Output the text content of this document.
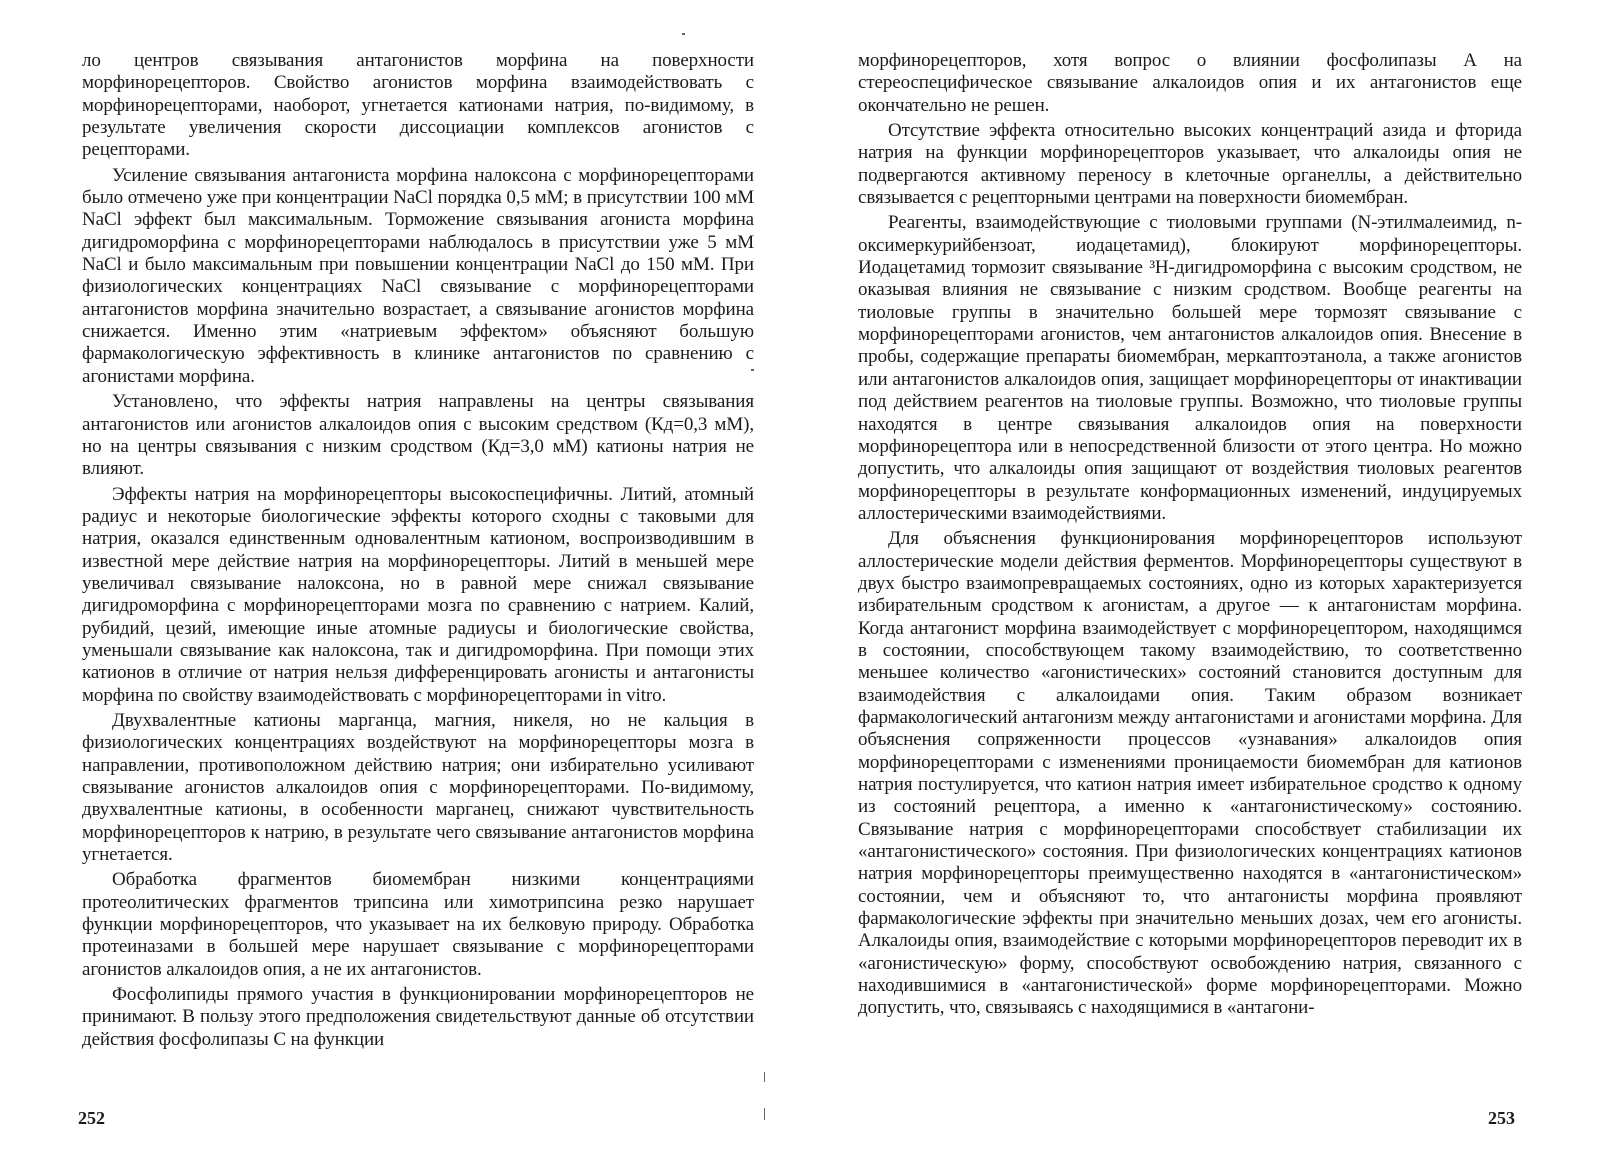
ло центров связывания антагонистов морфина на поверхности морфинорецепторов. Свойство агонистов морфина взаимодействовать с морфинорецепторами, наоборот, угнетается катионами натрия, по-видимому, в результате увеличения скорости диссоциации комплексов агонистов с рецепторами.

Усиление связывания антагониста морфина налоксона с морфинорецепторами было отмечено уже при концентрации NaCl порядка 0,5 мМ; в присутствии 100 мМ NaCl эффект был максимальным. Торможение связывания агониста морфина дигидроморфина с морфинорецепторами наблюдалось в присутствии уже 5 мМ NaCl и было максимальным при повышении концентрации NaCl до 150 мМ. При физиологических концентрациях NaCl связывание с морфинорецепторами антагонистов морфина значительно возрастает, а связывание агонистов морфина снижается. Именно этим «натриевым эффектом» объясняют большую фармакологическую эффективность в клинике антагонистов по сравнению с агонистами морфина.

Установлено, что эффекты натрия направлены на центры связывания антагонистов или агонистов алкалоидов опия с высоким средством (Кд=0,3 мМ), но на центры связывания с низким сродством (Кд=3,0 мМ) катионы натрия не влияют.

Эффекты натрия на морфинорецепторы высокоспецифичны. Литий, атомный радиус и некоторые биологические эффекты которого сходны с таковыми для натрия, оказался единственным одновалентным катионом, воспроизводившим в известной мере действие натрия на морфинорецепторы. Литий в меньшей мере увеличивал связывание налоксона, но в равной мере снижал связывание дигидроморфина с морфинорецепторами мозга по сравнению с натрием. Калий, рубидий, цезий, имеющие иные атомные радиусы и биологические свойства, уменьшали связывание как налоксона, так и дигидроморфина. При помощи этих катионов в отличие от натрия нельзя дифференцировать агонисты и антагонисты морфина по свойству взаимодействовать с морфинорецепторами in vitro.

Двухвалентные катионы марганца, магния, никеля, но не кальция в физиологических концентрациях воздействуют на морфинорецепторы мозга в направлении, противоположном действию натрия; они избирательно усиливают связывание агонистов алкалоидов опия с морфинорецепторами. По-видимому, двухвалентные катионы, в особенности марганец, снижают чувствительность морфинорецепторов к натрию, в результате чего связывание антагонистов морфина угнетается.

Обработка фрагментов биомембран низкими концентрациями протеолитических фрагментов трипсина или химотрипсина резко нарушает функции морфинорецепторов, что указывает на их белковую природу. Обработка протеиназами в большей мере нарушает связывание с морфинорецепторами агонистов алкалоидов опия, а не их антагонистов.

Фосфолипиды прямого участия в функционировании морфинорецепторов не принимают. В пользу этого предположения свидетельствуют данные об отсутствии действия фосфолипазы С на функции

252

морфинорецепторов, хотя вопрос о влиянии фосфолипазы А на стереоспецифическое связывание алкалоидов опия и их антагонистов еще окончательно не решен.

Отсутствие эффекта относительно высоких концентраций азида и фторида натрия на функции морфинорецепторов указывает, что алкалоиды опия не подвергаются активному переносу в клеточные органеллы, а действительно связывается с рецепторными центрами на поверхности биомембран.

Реагенты, взаимодействующие с тиоловыми группами (N-этилмалеимид, n-оксимеркурийбензоат, иодацетамид), блокируют морфинорецепторы. Иодацетамид тормозит связывание ³Н-дигидроморфина с высоким сродством, не оказывая влияния не связывание с низким сродством. Вообще реагенты на тиоловые группы в значительно большей мере тормозят связывание с морфинорецепторами агонистов, чем антагонистов алкалоидов опия. Внесение в пробы, содержащие препараты биомембран, меркаптоэтанола, а также агонистов или антагонистов алкалоидов опия, защищает морфинорецепторы от инактивации под действием реагентов на тиоловые группы. Возможно, что тиоловые группы находятся в центре связывания алкалоидов опия на поверхности морфинорецептора или в непосредственной близости от этого центра. Но можно допустить, что алкалоиды опия защищают от воздействия тиоловых реагентов морфинорецепторы в результате конформационных изменений, индуцируемых аллостерическими взаимодействиями.

Для объяснения функционирования морфинорецепторов используют аллостерические модели действия ферментов. Морфинорецепторы существуют в двух быстро взаимопревращаемых состояниях, одно из которых характеризуется избирательным сродством к агонистам, а другое — к антагонистам морфина. Когда антагонист морфина взаимодействует с морфинорецептором, находящимся в состоянии, способствующем такому взаимодействию, то соответственно меньшее количество «агонистических» состояний становится доступным для взаимодействия с алкалоидами опия. Таким образом возникает фармакологический антагонизм между антагонистами и агонистами морфина. Для объяснения сопряженности процессов «узнавания» алкалоидов опия морфинорецепторами с изменениями проницаемости биомембран для катионов натрия постулируется, что катион натрия имеет избирательное сродство к одному из состояний рецептора, а именно к «антагонистическому» состоянию. Связывание натрия с морфинорецепторами способствует стабилизации их «антагонистического» состояния. При физиологических концентрациях катионов натрия морфинорецепторы преимущественно находятся в «антагонистическом» состоянии, чем и объясняют то, что антагонисты морфина проявляют фармакологические эффекты при значительно меньших дозах, чем его агонисты. Алкалоиды опия, взаимодействие с которыми морфинорецепторов переводит их в «агонистическую» форму, способствуют освобождению натрия, связанного с находившимися в «антагонистической» форме морфинорецепторами. Можно допустить, что, связываясь с находящимися в «антагони-

253
